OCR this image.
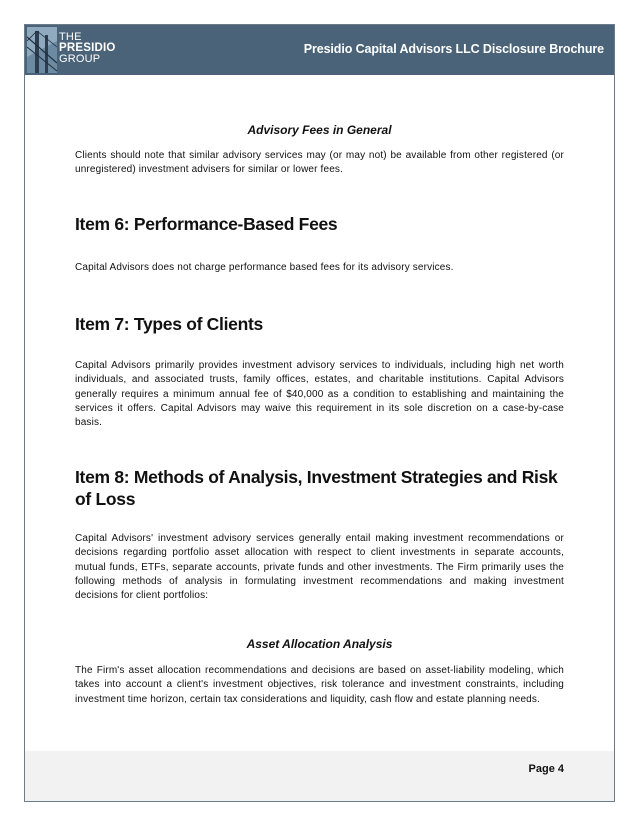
THE
PRESIDIO
GROUP
Presidio Capital Advisors LLC Disclosure Brochure
Advisory Fees in General
Clients should note that similar advisory services may (or may not) be available from other registered (or unregistered) investment advisers for similar or lower fees.
Item 6: Performance-Based Fees
Capital Advisors does not charge performance based fees for its advisory services.
Item 7: Types of Clients
Capital Advisors primarily provides investment advisory services to individuals, including high net worth individuals, and associated trusts, family offices, estates, and charitable institutions. Capital Advisors generally requires a minimum annual fee of $40,000 as a condition to establishing and maintaining the services it offers. Capital Advisors may waive this requirement in its sole discretion on a case-by-case basis.
Item 8: Methods of Analysis, Investment Strategies and Risk of Loss
Capital Advisors' investment advisory services generally entail making investment recommendations or decisions regarding portfolio asset allocation with respect to client investments in separate accounts, mutual funds, ETFs, separate accounts, private funds and other investments. The Firm primarily uses the following methods of analysis in formulating investment recommendations and making investment decisions for client portfolios:
Asset Allocation Analysis
The Firm's asset allocation recommendations and decisions are based on asset-liability modeling, which takes into account a client's investment objectives, risk tolerance and investment constraints, including investment time horizon, certain tax considerations and liquidity, cash flow and estate planning needs.
Page 4
